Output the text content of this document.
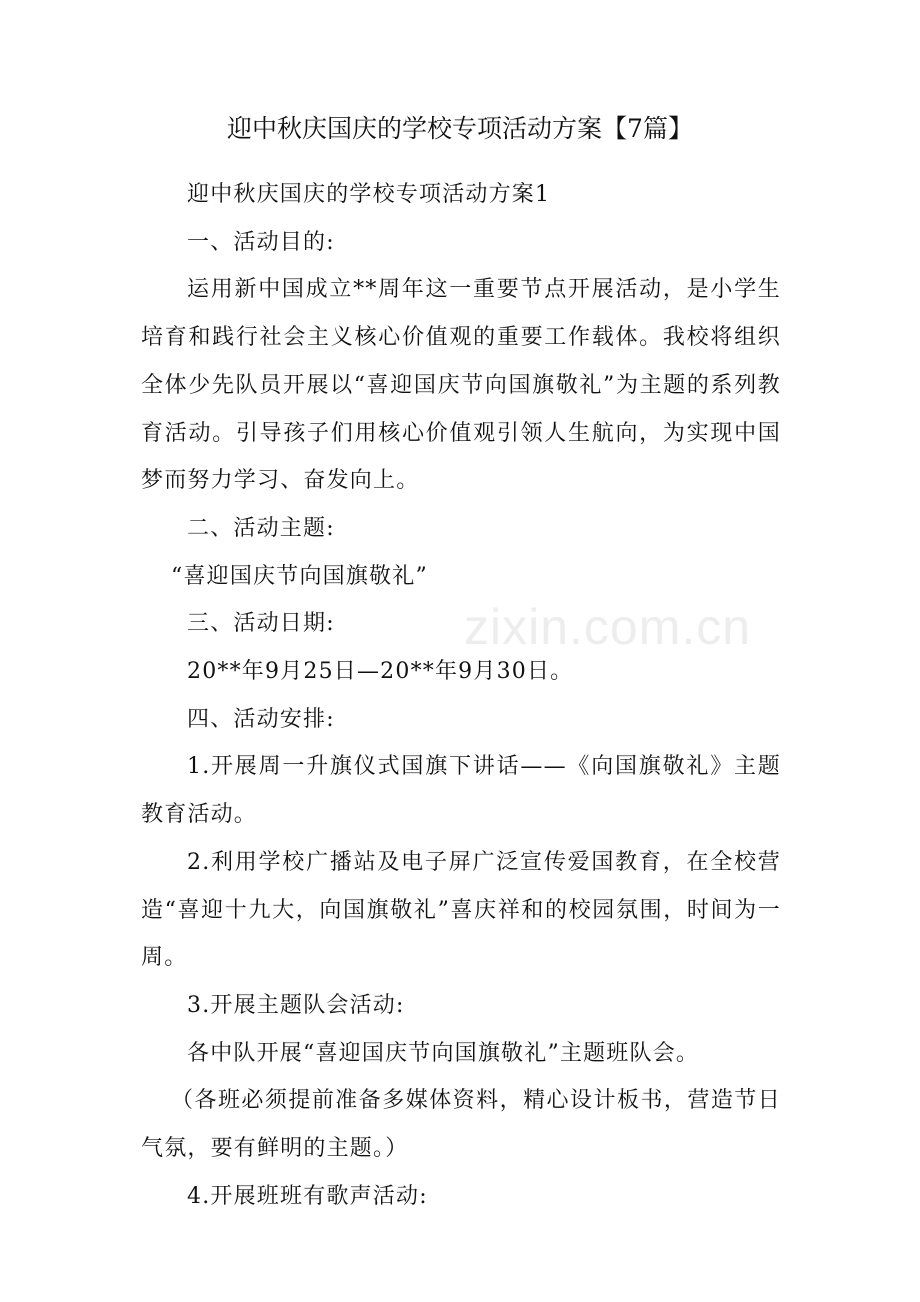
迎中秋庆国庆的学校专项活动方案【7篇】

迎中秋庆国庆的学校专项活动方案1

一、活动目的:

运用新中国成立**周年这一重要节点开展活动，是小学生培育和践行社会主义核心价值观的重要工作载体。我校将组织全体少先队员开展以“喜迎国庆节向国旗敬礼”为主题的系列教育活动。引导孩子们用核心价值观引领人生航向，为实现中国梦而努力学习、奋发向上。

二、活动主题:

“喜迎国庆节向国旗敬礼”

三、活动日期:

20**年9月25日—20**年9月30日。

四、活动安排:

1.开展周一升旗仪式国旗下讲话——《向国旗敬礼》主题教育活动。

2.利用学校广播站及电子屏广泛宣传爱国教育，在全校营造“喜迎十九大，向国旗敬礼”喜庆祥和的校园氛围，时间为一周。

3.开展主题队会活动:

各中队开展“喜迎国庆节向国旗敬礼”主题班队会。

（各班必须提前准备多媒体资料，精心设计板书，营造节日气氛，要有鲜明的主题。）

4.开展班班有歌声活动:

zixin.com.cn
